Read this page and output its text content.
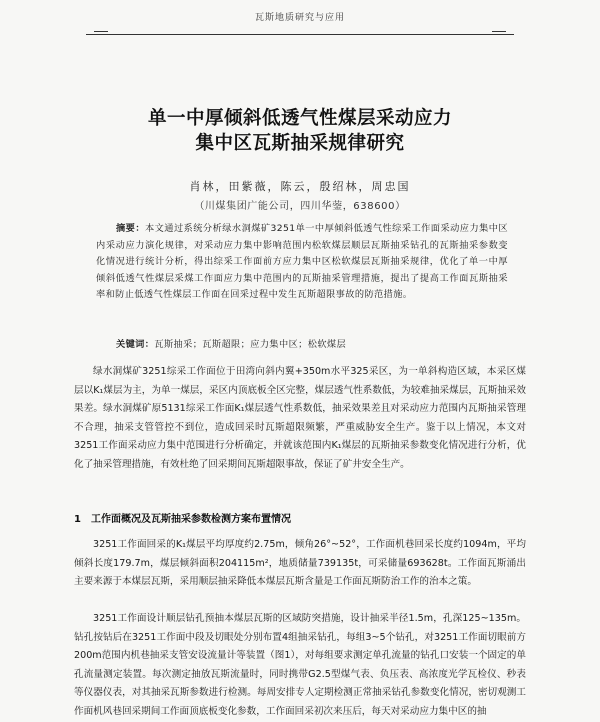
瓦斯地质研究与应用
单一中厚倾斜低透气性煤层采动应力
集中区瓦斯抽采规律研究
肖林，田紫薇，陈云，殷绍林，周忠国
（川煤集团广能公司，四川华蓥，638600）
摘要：本文通过系统分析绿水洞煤矿3251单一中厚倾斜低透气性综采工作面采动应力集中区内采动应力演化规律，对采动应力集中影响范围内松软煤层顺层瓦斯抽采钻孔的瓦斯抽采参数变化情况进行统计分析，得出综采工作面前方应力集中区松软煤层瓦斯抽采规律，优化了单一中厚倾斜低透气性煤层采煤工作面应力集中范围内的瓦斯抽采管理措施，提出了提高工作面瓦斯抽采率和防止低透气性煤层工作面在回采过程中发生瓦斯超限事故的防范措施。
关键词：瓦斯抽采；瓦斯超限；应力集中区；松软煤层

绿水洞煤矿3251综采工作面位于田湾向斜内翼+350m水平325采区，为一单斜构造区域，本采区煤层以K₁煤层为主，为单一煤层，采区内顶底板全区完整，煤层透气性系数低，为较难抽采煤层，瓦斯抽采效果差。绿水洞煤矿原5131综采工作面K₁煤层透气性系数低，抽采效果差且对采动应力范围内瓦斯抽采管理不合理，抽采支管管控不到位，造成回采时瓦斯超限频繁，严重威胁安全生产。鉴于以上情况，本文对3251工作面采动应力集中范围进行分析确定，并就该范围内K₁煤层的瓦斯抽采参数变化情况进行分析，优化了抽采管理措施，有效杜绝了回采期间瓦斯超限事故，保证了矿井安全生产。

1 工作面概况及瓦斯抽采参数检测方案布置情况

3251工作面回采的K₁煤层平均厚度约2.75m，倾角26°~52°，工作面机巷回采长度约1094m，平均倾斜长度179.7m，煤层倾斜面积204115m²，地质储量739135t，可采储量693628t。工作面瓦斯涌出主要来源于本煤层瓦斯，采用顺层抽采降低本煤层瓦斯含量是工作面瓦斯防治工作的治本之策。

3251工作面设计顺层钻孔预抽本煤层瓦斯的区域防突措施，设计抽采半径1.5m，孔深125~135m。钻孔按钻后在3251工作面中段及切眼处分别布置4组抽采钻孔，每组3~5个钻孔，对3251工作面切眼前方200m范围内机巷抽采支管安设流量计等装置（图1），对每组要求测定单孔流量的钻孔口安装一个固定的单孔流量测定装置。每次测定抽放瓦斯流量时，同时携带G2.5型煤气表、负压表、高浓度光学瓦检仪、秒表等仪器仪表，对其抽采瓦斯参数进行检测。每周安排专人定期检测正常抽采钻孔参数变化情况，密切观测工作面机风巷回采期间工作面顶底板变化参数，工作面回采初次来压后，每天对采动应力集中区的抽
